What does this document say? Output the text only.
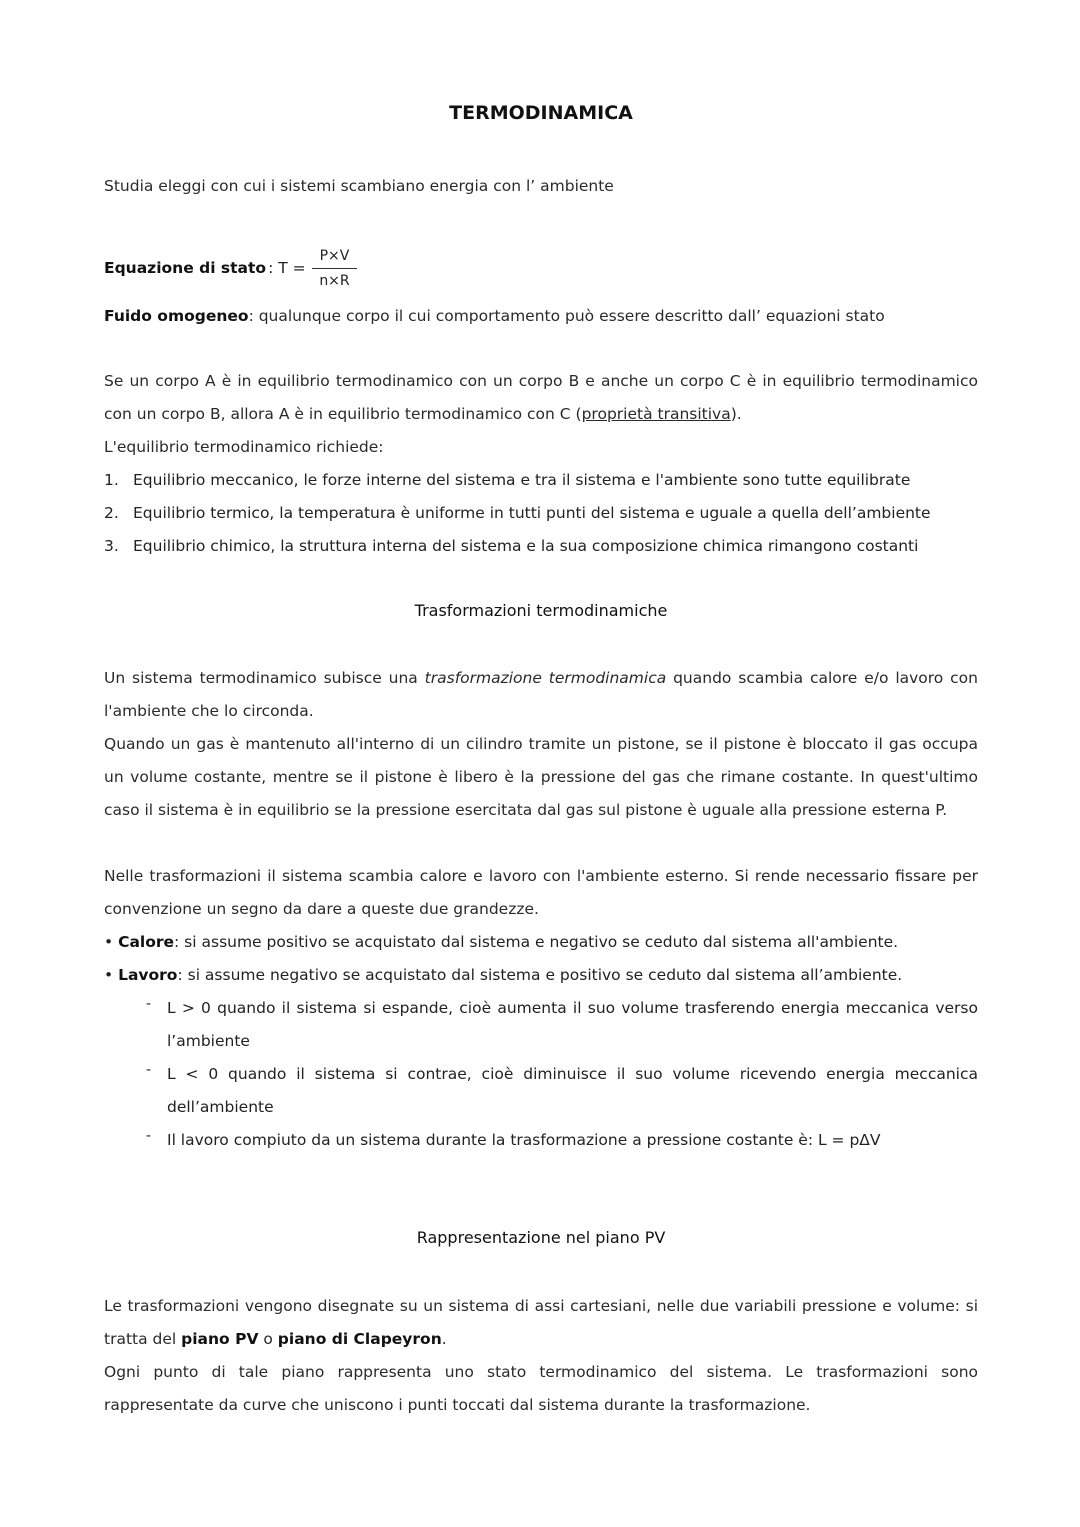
TERMODINAMICA

Studia eleggi con cui i sistemi scambiano energia con l’ ambiente

Equazione di stato : $T = \frac{P\times V}{n\times R}$

Fuido omogeneo: qualunque corpo il cui comportamento può essere descritto dall’ equazioni stato

Se un corpo A è in equilibrio termodinamico con un corpo B e anche un corpo C è in equilibrio termodinamico con un corpo B, allora A è in equilibrio termodinamico con C (proprietà transitiva).

L'equilibrio termodinamico richiede:

1. Equilibrio meccanico, le forze interne del sistema e tra il sistema e l'ambiente sono tutte equilibrate
2. Equilibrio termico, la temperatura è uniforme in tutti punti del sistema e uguale a quella dell’ambiente
3. Equilibrio chimico, la struttura interna del sistema e la sua composizione chimica rimangono costanti
Trasformazioni termodinamiche

Un sistema termodinamico subisce una trasformazione termodinamica quando scambia calore e/o lavoro con l'ambiente che lo circonda.

Quando un gas è mantenuto all'interno di un cilindro tramite un pistone, se il pistone è bloccato il gas occupa un volume costante, mentre se il pistone è libero è la pressione del gas che rimane costante. In quest'ultimo caso il sistema è in equilibrio se la pressione esercitata dal gas sul pistone è uguale alla pressione esterna P.

Nelle trasformazioni il sistema scambia calore e lavoro con l'ambiente esterno. Si rende necessario fissare per convenzione un segno da dare a queste due grandezze.

• Calore: si assume positivo se acquistato dal sistema e negativo se ceduto dal sistema all'ambiente.
• Lavoro: si assume negativo se acquistato dal sistema e positivo se ceduto dal sistema all’ambiente.
- L > 0 quando il sistema si espande, cioè aumenta il suo volume trasferendo energia meccanica verso l’ambiente
- L < 0 quando il sistema si contrae, cioè diminuisce il suo volume ricevendo energia meccanica dell’ambiente
- Il lavoro compiuto da un sistema durante la trasformazione a pressione costante è: L = pΔV
Rappresentazione nel piano PV

Le trasformazioni vengono disegnate su un sistema di assi cartesiani, nelle due variabili pressione e volume: si tratta del piano PV o piano di Clapeyron.

Ogni punto di tale piano rappresenta uno stato termodinamico del sistema. Le trasformazioni sono rappresentate da curve che uniscono i punti toccati dal sistema durante la trasformazione.
